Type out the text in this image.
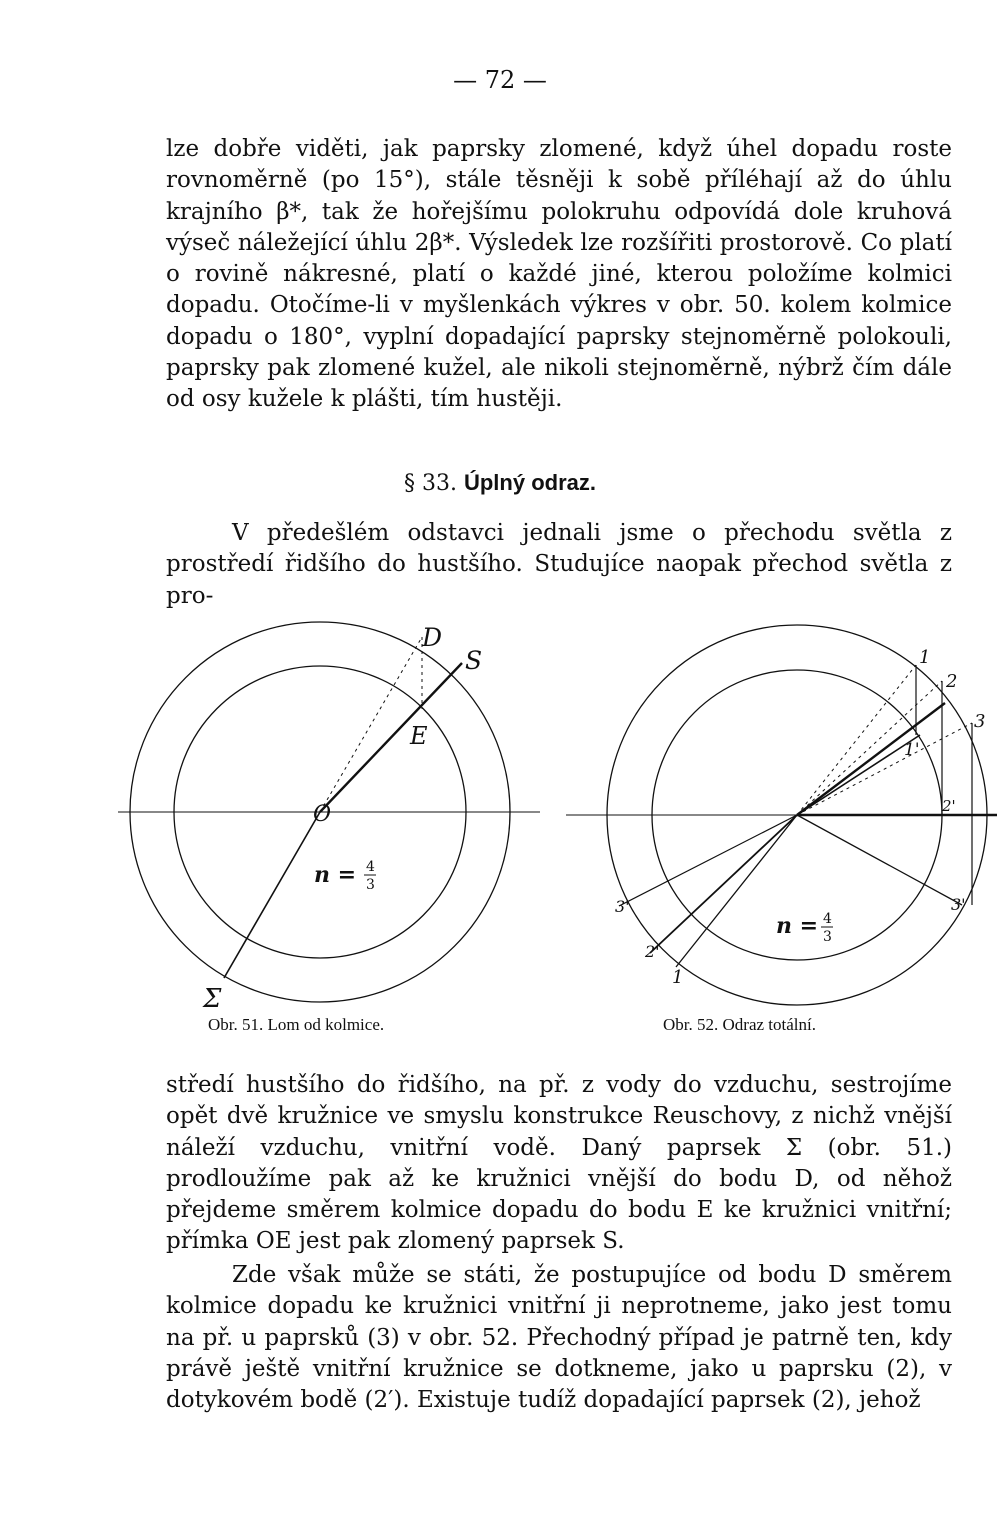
— 72 —

lze dobře viděti, jak paprsky zlomené, když úhel dopadu roste rovnoměrně (po 15°), stále těsněji k sobě příléhají až do úhlu krajního β*, tak že hořejšímu polokruhu odpovídá dole kruhová výseč náležející úhlu 2β*. Výsledek lze rozšířiti prostorově. Co platí o rovině nákresné, platí o každé jiné, kterou položíme kolmici dopadu. Otočíme-li v myšlenkách výkres v obr. 50. kolem kolmice dopadu o 180°, vyplní dopadající paprsky stejnoměrně polokouli, paprsky pak zlomené kužel, ale nikoli stejnoměrně, nýbrž čím dále od osy kužele k plášti, tím hustěji.

§ 33. Úplný odraz.

V předešlém odstavci jednali jsme o přechodu světla z prostředí řidšího do hustšího. Studujíce naopak přechod světla z pro-

D
S
E
O
Σ
n = 4
3
1
2
3
1'
2'
3'
3'
2'
1
n = 4
3
Obr. 51. Lom od kolmice.	Obr. 52. Odraz totální.

středí hustšího do řidšího, na př. z vody do vzduchu, sestrojíme opět dvě kružnice ve smyslu konstrukce Reuschovy, z nichž vnější náleží vzduchu, vnitřní vodě. Daný paprsek Σ (obr. 51.) prodloužíme pak až ke kružnici vnější do bodu D, od něhož přejdeme směrem kolmice dopadu do bodu E ke kružnici vnitřní; přímka OE jest pak zlomený paprsek S.

Zde však může se státi, že postupujíce od bodu D směrem kolmice dopadu ke kružnici vnitřní ji neprotneme, jako jest tomu na př. u paprsků (3) v obr. 52. Přechodný případ je patrně ten, kdy právě ještě vnitřní kružnice se dotkneme, jako u paprsku (2), v dotykovém bodě (2′). Existuje tudíž dopadající paprsek (2), jehož
